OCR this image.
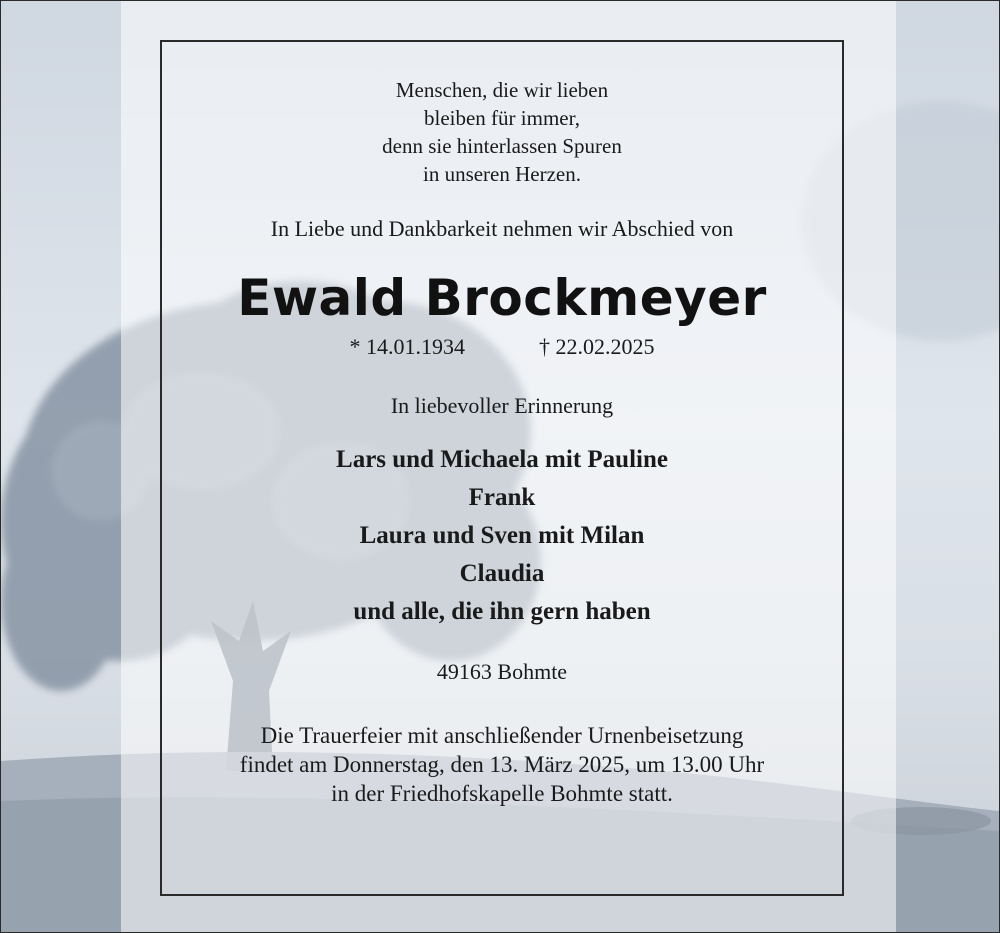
Menschen, die wir lieben
bleiben für immer,
denn sie hinterlassen Spuren
in unseren Herzen.
In Liebe und Dankbarkeit nehmen wir Abschied von
Ewald Brockmeyer
* 14.01.1934	† 22.02.2025
In liebevoller Erinnerung
Lars und Michaela mit Pauline
Frank
Laura und Sven mit Milan
Claudia
und alle, die ihn gern haben
49163 Bohmte
Die Trauerfeier mit anschließender Urnenbeisetzung
findet am Donnerstag, den 13. März 2025, um 13.00 Uhr
in der Friedhofskapelle Bohmte statt.
